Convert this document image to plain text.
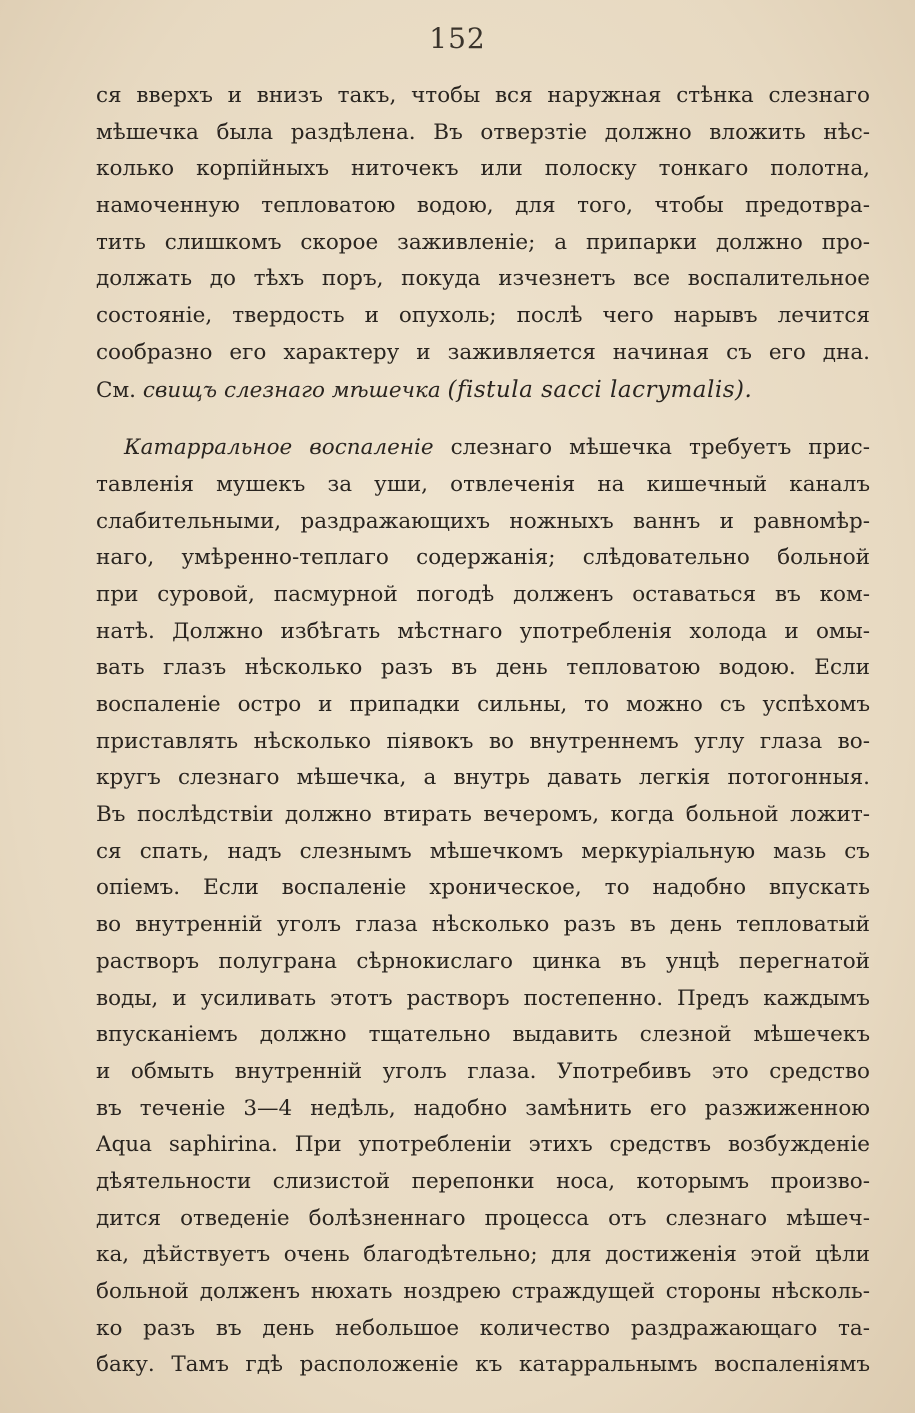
152
ся вверхъ и внизъ такъ, чтобы вся наружная стѣнка слезнаго
мѣшечка была раздѣлена. Въ отверзтіе должно вложить нѣс-
колько корпійныхъ ниточекъ или полоску тонкаго полотна,
намоченную тепловатою водою, для того, чтобы предотвра-
тить слишкомъ скорое заживленіе; а припарки должно про-
должать до тѣхъ поръ, покуда изчезнетъ все воспалительное
состояніе, твердость и опухоль; послѣ чего нарывъ лечится
сообразно его характеру и заживляется начиная съ его дна.
См. свищъ слезнаго мѣшечка (fistula sacci lacrymalis).
Катарральное воспаленіе слезнаго мѣшечка требуетъ прис-
тавленія мушекъ за уши, отвлеченія на кишечный каналъ
слабительными, раздражающихъ ножныхъ ваннъ и равномѣр-
наго, умѣренно-теплаго содержанія; слѣдовательно больной
при суровой, пасмурной погодѣ долженъ оставаться въ ком-
натѣ. Должно избѣгать мѣстнаго употребленія холода и омы-
вать глазъ нѣсколько разъ въ день тепловатою водою. Если
воспаленіе остро и припадки сильны, то можно съ успѣхомъ
приставлять нѣсколько піявокъ во внутреннемъ углу глаза во-
кругъ слезнаго мѣшечка, а внутрь давать легкія потогонныя.
Въ послѣдствіи должно втирать вечеромъ, когда больной ложит-
ся спать, надъ слезнымъ мѣшечкомъ меркуріальную мазь съ
опіемъ. Если воспаленіе хроническое, то надобно впускать
во внутренній уголъ глаза нѣсколько разъ въ день тепловатый
растворъ полуграна сѣрнокислаго цинка въ унцѣ перегнатой
воды, и усиливать этотъ растворъ постепенно. Предъ каждымъ
впусканіемъ должно тщательно выдавить слезной мѣшечекъ
и обмыть внутренній уголъ глаза. Употребивъ это средство
въ теченіе 3—4 недѣль, надобно замѣнить его разжиженною
Aqua saphirina. При употребленіи этихъ средствъ возбужденіе
дѣятельности слизистой перепонки носа, которымъ произво-
дится отведеніе болѣзненнаго процесса отъ слезнаго мѣшеч-
ка, дѣйствуетъ очень благодѣтельно; для достиженія этой цѣли
больной долженъ нюхать ноздрею страждущей стороны нѣсколь-
ко разъ въ день небольшое количество раздражающаго та-
баку. Тамъ гдѣ расположеніе къ катарральнымъ воспаленіямъ
